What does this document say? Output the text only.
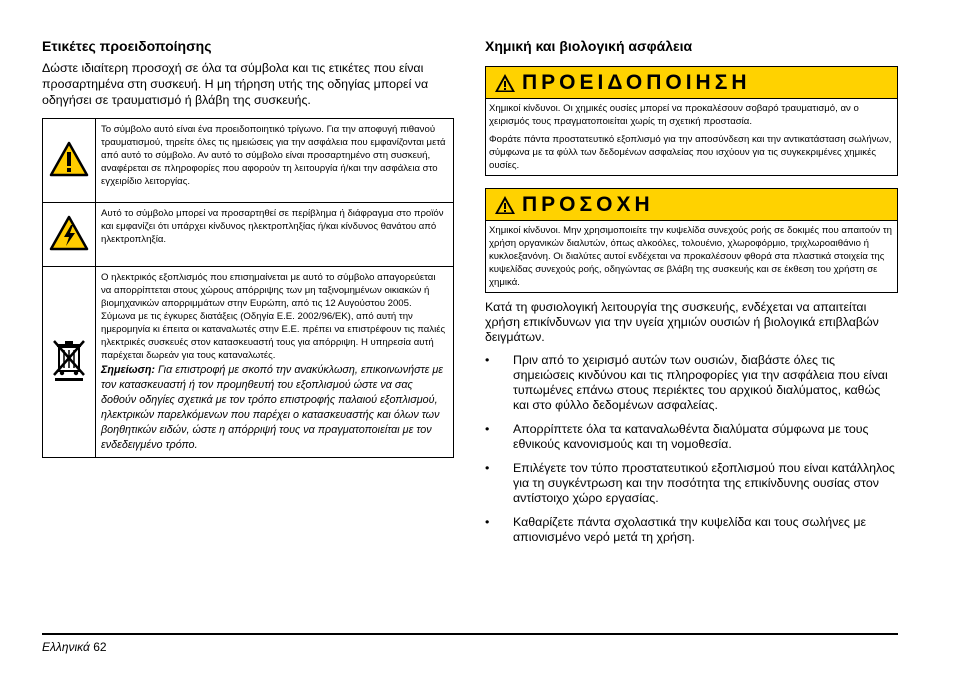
Ετικέτες προειδοποίησης

Δώστε ιδιαίτερη προσοχή σε όλα τα σύμβολα και τις ετικέτες που είναι προσαρτημένα στη συσκευή. Η μη τήρηση υτής της οδηγίας μπορεί να οδηγήσει σε τραυματισμό ή βλάβη της συσκευής.

	Το σύμβολο αυτό είναι ένα προειδοποιητικό τρίγωνο. Για την αποφυγή πιθανού τραυματισμού, τηρείτε όλες τις ημειώσεις για την ασφάλεια που εμφανίζονται μετά από αυτό το σύμβολο. Αν αυτό το σύμβολο είναι προσαρτημένο στη συσκευή, αναφέρεται σε πληροφορίες που αφορούν τη λειτουργία ή/και την ασφάλεια στο εγχειρίδιο λειτοργίας.
	Αυτό το σύμβολο μπορεί να προσαρτηθεί σε περίβλημα ή διάφραγμα στο προϊόν και εμφανίζει ότι υπάρχει κίνδυνος ηλεκτροπληξίας ή/και κίνδυνος θανάτου από ηλεκτροπληξία.

Ο ηλεκτρικός εξοπλισμός που επισημαίνεται με αυτό το σύμβολο απαγορεύεται να απορρίπτεται στους χώρους απόρριψης των μη ταξινομημένων οικιακών ή βιομηχανικών απορριμμάτων στην Ευρώπη, από τις 12 Αυγούστου 2005. Σύμωνα με τις έγκυρες διατάξεις (Οδηγία Ε.Ε. 2002/96/ΕΚ), από αυτή την ημερομηνία κι έπειτα οι καταναλωτές στην Ε.Ε. πρέπει να επιστρέφουν τις παλιές ηλεκτρικές συσκευές στον κατασκευαστή τους για απόρριψη. Η υπηρεσία αυτή παρέχεται δωρεάν για τους καταναλωτές.

Σημείωση: Για επιστροφή με σκοπό την ανακύκλωση, επικοινωνήστε με τον κατασκευαστή ή τον προμηθευτή του εξοπλισμού ώστε να σας δοθούν οδηγίες σχετικά με τον τρόπο επιστροφής παλαιού εξοπλισμού, ηλεκτρικών παρελκόμενων που παρέχει ο κατασκευαστής και όλων των βοηθητικών ειδών, ώστε η απόρριψή τους να πραγματοποιείται με τον ενδεδειγμένο τρόπο.

Χημική και βιολογική ασφάλεια
ΠΡΟΕΙΔΟΠΟΙΗΣΗ

Χημικοί κίνδυνοι. Οι χημικές ουσίες μπορεί να προκαλέσουν σοβαρό τραυματισμό, αν ο χειρισμός τους πραγματοποιείται χωρίς τη σχετική προστασία.

Φοράτε πάντα προστατευτικό εξοπλισμό για την αποσύνδεση και την αντικατάσταση σωλήνων, σύμφωνα με τα φύλλ των δεδομένων ασφαλείας που ισχύουν για τις συγκεκριμένες χημικές ουσίες.

ΠΡΟΣΟΧΗ

Χημικοί κίνδυνοι. Μην χρησιμοποιείτε την κυψελίδα συνεχούς ροής σε δοκιμές που απαιτούν τη χρήση οργανικών διαλυτών, όπως αλκοόλες, τολουένιο, χλωροφόρμιο, τριχλωροαιθάνιο ή κυκλοεξανόνη. Οι διαλύτες αυτοί ενδέχεται να προκαλέσουν φθορά στα πλαστικά στοιχεία της κυψελίδας συνεχούς ροής, οδηγώντας σε βλάβη της συσκευής και σε έκθεση του χρήστη σε χημικά.

Κατά τη φυσιολογική λειτουργία της συσκευής, ενδέχεται να απαιτείται χρήση επικίνδυνων για την υγεία χημιών ουσιών ή βιολογικά επιβλαβών δειγμάτων.

• Πριν από το χειρισμό αυτών των ουσιών, διαβάστε όλες τις σημειώσεις κινδύνου και τις πληροφορίες για την ασφάλεια που είναι τυπωμένες επάνω στους περιέκτες του αρχικού διαλύματος, καθώς και στο φύλλο δεδομένων ασφαλείας.
• Απορρίπτετε όλα τα καταναλωθέντα διαλύματα σύμφωνα με τους εθνικούς κανονισμούς και τη νομοθεσία.
• Επιλέγετε τον τύπο προστατευτικού εξοπλισμού που είναι κατάλληλος για τη συγκέντρωση και την ποσότητα της επικίνδυνης ουσίας στον αντίστοιχο χώρο εργασίας.
• Καθαρίζετε πάντα σχολαστικά την κυψελίδα και τους σωλήνες με απιονισμένο νερό μετά τη χρήση.
Ελληνικά 62
